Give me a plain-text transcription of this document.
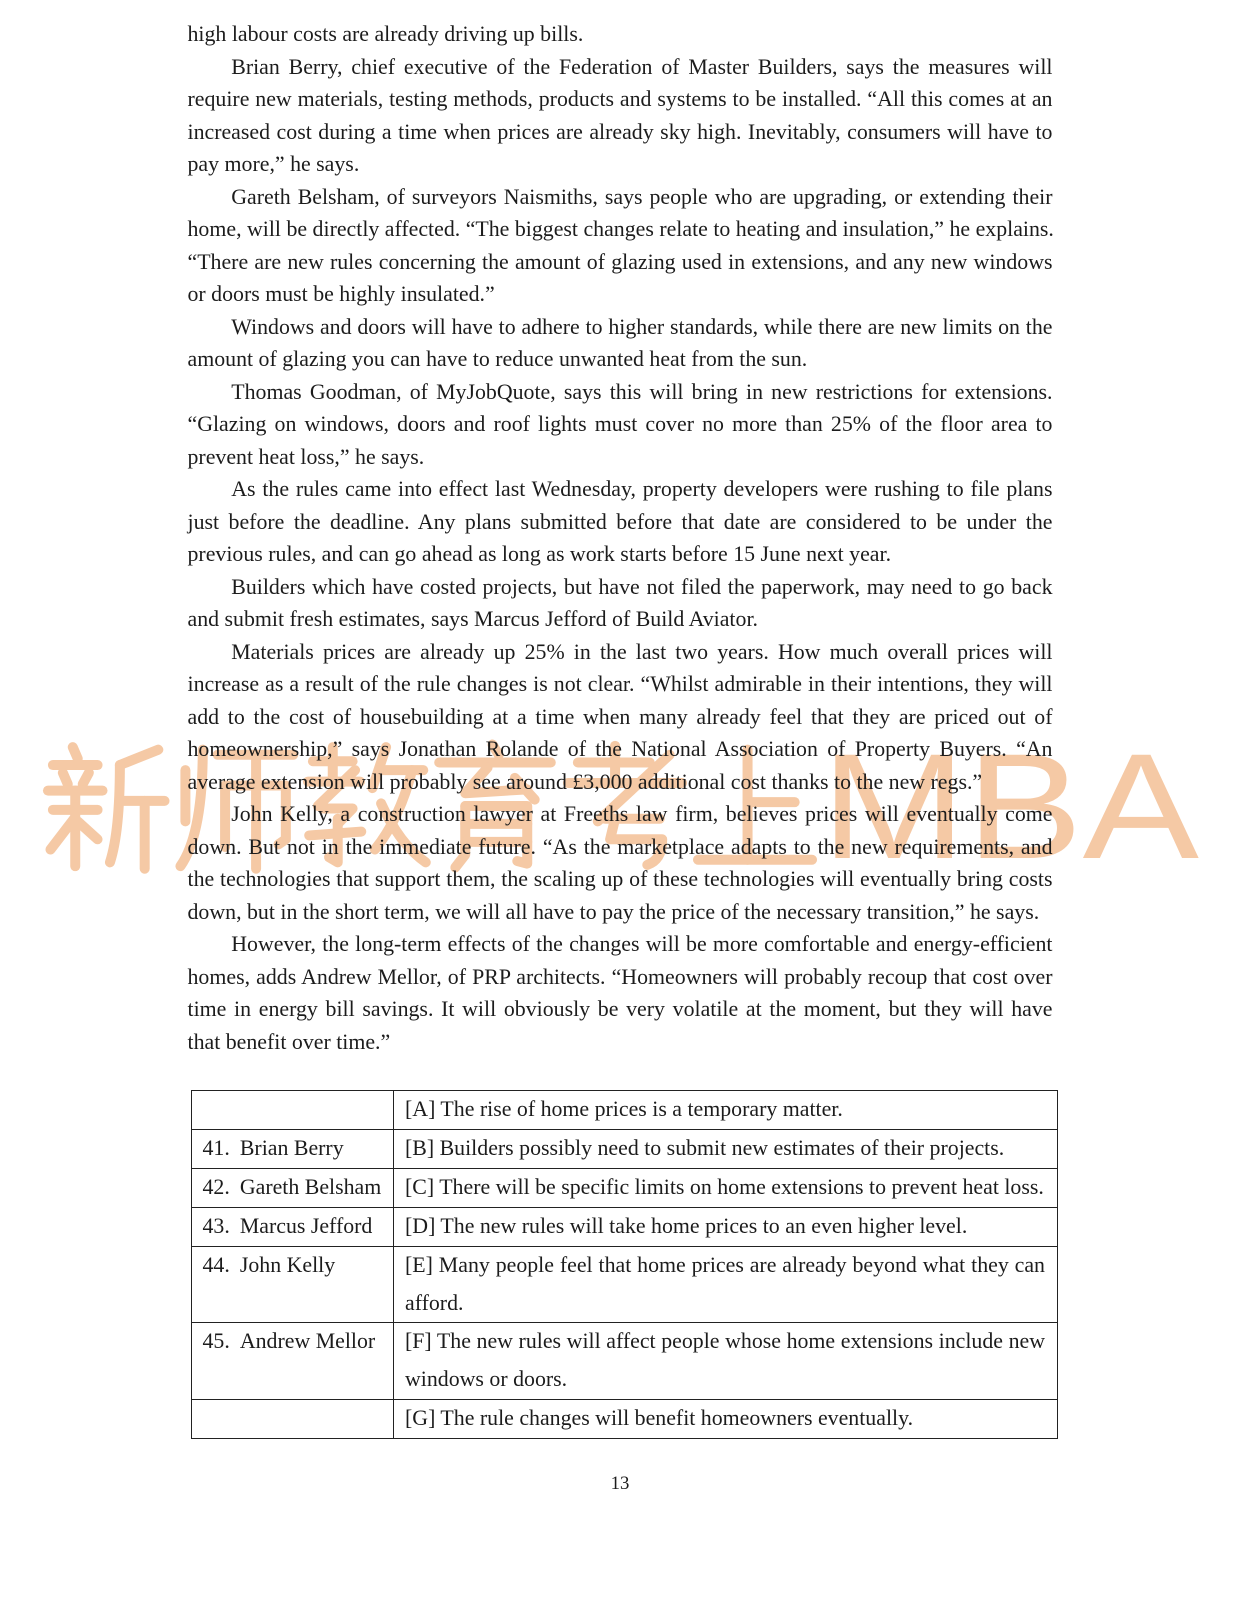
MBA
high labour costs are already driving up bills.
Brian Berry, chief executive of the Federation of Master Builders, says the measures will
require new materials, testing methods, products and systems to be installed. “All this comes at an
increased cost during a time when prices are already sky high. Inevitably, consumers will have to
pay more,” he says.
Gareth Belsham, of surveyors Naismiths, says people who are upgrading, or extending their
home, will be directly affected. “The biggest changes relate to heating and insulation,” he explains.
“There are new rules concerning the amount of glazing used in extensions, and any new windows
or doors must be highly insulated.”
Windows and doors will have to adhere to higher standards, while there are new limits on the
amount of glazing you can have to reduce unwanted heat from the sun.
Thomas Goodman, of MyJobQuote, says this will bring in new restrictions for extensions.
“Glazing on windows, doors and roof lights must cover no more than 25% of the floor area to
prevent heat loss,” he says.
As the rules came into effect last Wednesday, property developers were rushing to file plans
just before the deadline. Any plans submitted before that date are considered to be under the
previous rules, and can go ahead as long as work starts before 15 June next year.
Builders which have costed projects, but have not filed the paperwork, may need to go back
and submit fresh estimates, says Marcus Jefford of Build Aviator.
Materials prices are already up 25% in the last two years. How much overall prices will
increase as a result of the rule changes is not clear. “Whilst admirable in their intentions, they will
add to the cost of housebuilding at a time when many already feel that they are priced out of
homeownership,” says Jonathan Rolande of the National Association of Property Buyers. “An
average extension will probably see around £3,000 additional cost thanks to the new regs.”
John Kelly, a construction lawyer at Freeths law firm, believes prices will eventually come
down. But not in the immediate future. “As the marketplace adapts to the new requirements, and
the technologies that support them, the scaling up of these technologies will eventually bring costs
down, but in the short term, we will all have to pay the price of the necessary transition,” he says.
However, the long-term effects of the changes will be more comfortable and energy-efficient
homes, adds Andrew Mellor, of PRP architects. “Homeowners will probably recoup that cost over
time in energy bill savings. It will obviously be very volatile at the moment, but they will have
that benefit over time.”
[A] The rise of home prices is a temporary matter.
41. Brian Berry	[B] Builders possibly need to submit new estimates of their projects.
42. Gareth Belsham	[C] There will be specific limits on home extensions to prevent heat loss.
43. Marcus Jefford	[D] The new rules will take home prices to an even higher level.
44. John Kelly	[E] Many people feel that home prices are already beyond what they can
afford.
45. Andrew Mellor	[F] The new rules will affect people whose home extensions include new
windows or doors.
[G] The rule changes will benefit homeowners eventually.
13
